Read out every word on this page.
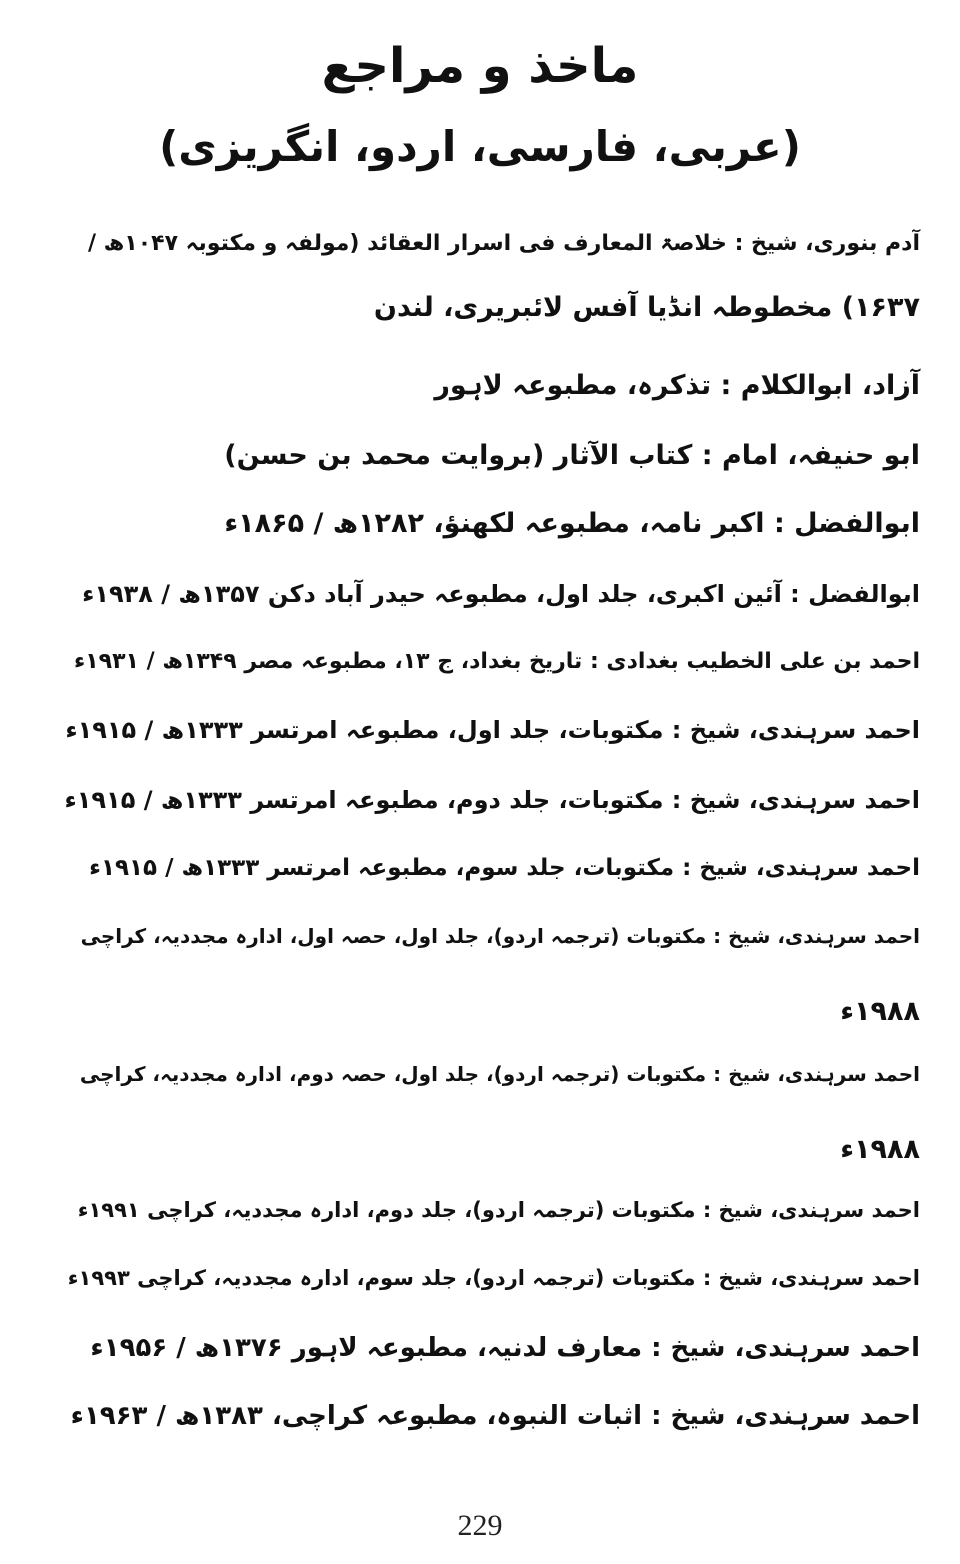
ماخذ و مراجع
(عربی، فارسی، اردو، انگریزی)
آدم بنوری، شیخ : خلاصۃ المعارف فی اسرار العقائد (مولفہ و مکتوبہ ۱۰۴۷ھ /
۱۶۳۷) مخطوطہ انڈیا آفس لائبریری، لندن
آزاد، ابوالکلام : تذکرہ، مطبوعہ لاہور
ابو حنیفہ، امام : کتاب الآثار (بروایت محمد بن حسن)
ابوالفضل : اکبر نامہ، مطبوعہ لکھنؤ، ۱۲۸۲ھ / ۱۸۶۵ء
ابوالفضل : آئین اکبری، جلد اول، مطبوعہ حیدر آباد دکن ۱۳۵۷ھ / ۱۹۳۸ء
احمد بن علی الخطیب بغدادی : تاریخ بغداد، ج ۱۳، مطبوعہ مصر ۱۳۴۹ھ / ۱۹۳۱ء
احمد سرہندی، شیخ : مکتوبات، جلد اول، مطبوعہ امرتسر ۱۳۳۳ھ / ۱۹۱۵ء
احمد سرہندی، شیخ : مکتوبات، جلد دوم، مطبوعہ امرتسر ۱۳۳۳ھ / ۱۹۱۵ء
احمد سرہندی، شیخ : مکتوبات، جلد سوم، مطبوعہ امرتسر ۱۳۳۳ھ / ۱۹۱۵ء
احمد سرہندی، شیخ : مکتوبات (ترجمہ اردو)، جلد اول، حصہ اول، ادارہ مجددیہ، کراچی
۱۹۸۸ء
احمد سرہندی، شیخ : مکتوبات (ترجمہ اردو)، جلد اول، حصہ دوم، ادارہ مجددیہ، کراچی
۱۹۸۸ء
احمد سرہندی، شیخ : مکتوبات (ترجمہ اردو)، جلد دوم، ادارہ مجددیہ، کراچی ۱۹۹۱ء
احمد سرہندی، شیخ : مکتوبات (ترجمہ اردو)، جلد سوم، ادارہ مجددیہ، کراچی ۱۹۹۳ء
احمد سرہندی، شیخ : معارف لدنیہ، مطبوعہ لاہور ۱۳۷۶ھ / ۱۹۵۶ء
احمد سرہندی، شیخ : اثبات النبوہ، مطبوعہ کراچی، ۱۳۸۳ھ / ۱۹۶۳ء
229
